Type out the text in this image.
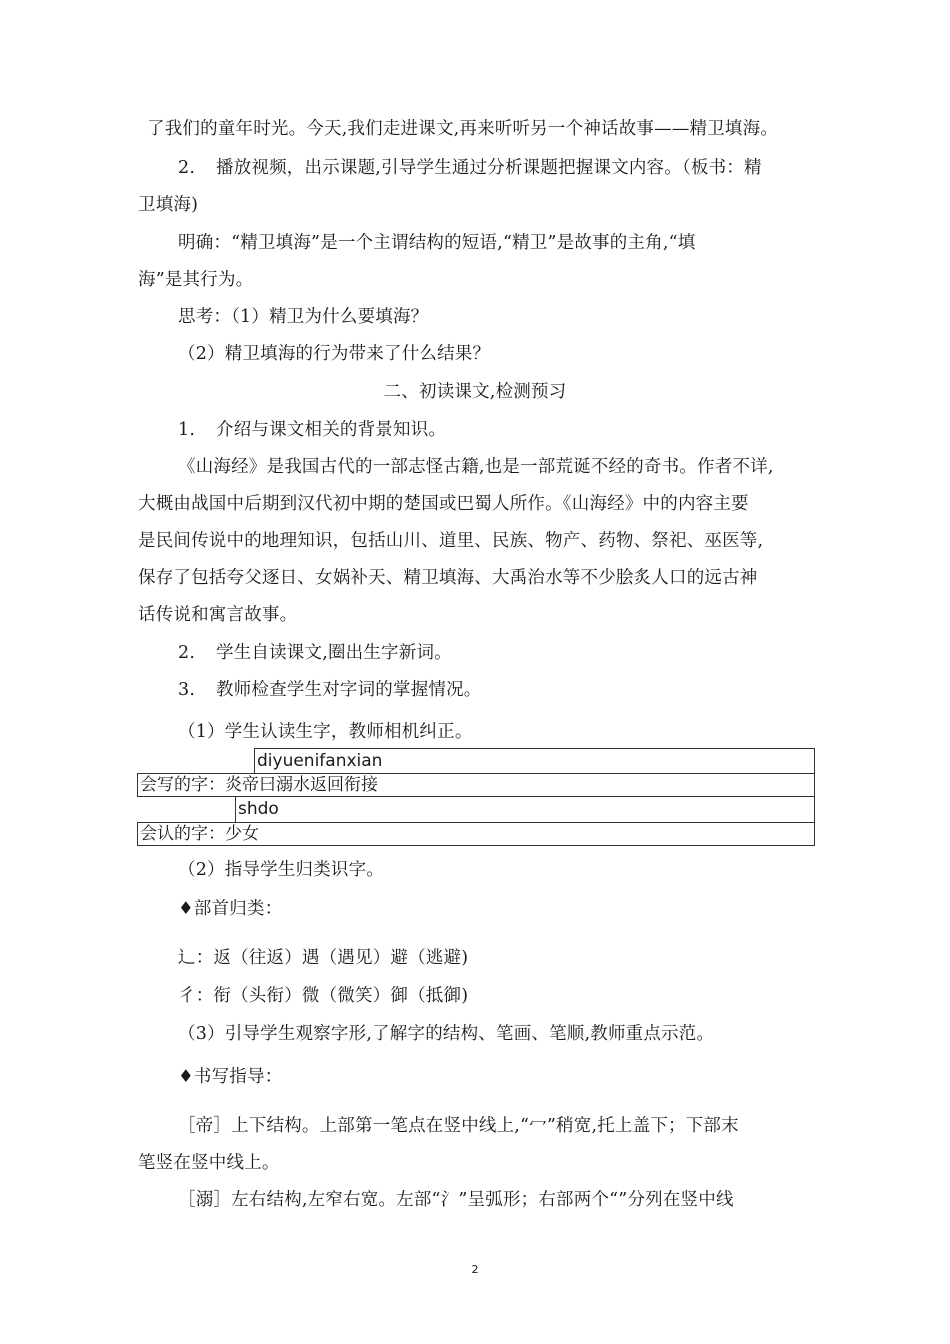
了我们的童年时光。今天,我们走进课文,再来听听另一个神话故事——精卫填海。
2. 播放视频，出示课题,引导学生通过分析课题把握课文内容。（板书：精
卫填海)
明确：“精卫填海”是一个主谓结构的短语,“精卫”是故事的主角,“填
海”是其行为。
思考：（1）精卫为什么要填海？
（2）精卫填海的行为带来了什么结果？
二、初读课文,检测预习
1. 介绍与课文相关的背景知识。
《山海经》是我国古代的一部志怪古籍,也是一部荒诞不经的奇书。作者不详,
大概由战国中后期到汉代初中期的楚国或巴蜀人所作。《山海经》中的内容主要
是民间传说中的地理知识，包括山川、道里、民族、物产、药物、祭祀、巫医等,
保存了包括夸父逐日、女娲补天、精卫填海、大禹治水等不少脍炙人口的远古神
话传说和寓言故事。
2. 学生自读课文,圈出生字新词。
3. 教师检查学生对字词的掌握情况。
（1）学生认读生字，教师相机纠正。
diyuenifanxian
会写的字：炎帝曰溺水返回衔接
shdo
会认的字：少女
（2）指导学生归类识字。
♦部首归类：
辶：返（往返）遇（遇见）避（逃避)
彳：衔（头衔）微（微笑）御（抵御)
（3）引导学生观察字形,了解字的结构、笔画、笔顺,教师重点示范。
♦书写指导：
［帝］上下结构。上部第一笔点在竖中线上,“冖”稍宽,托上盖下；下部末
笔竖在竖中线上。
［溺］左右结构,左窄右宽。左部“氵”呈弧形；右部两个“”分列在竖中线
2
